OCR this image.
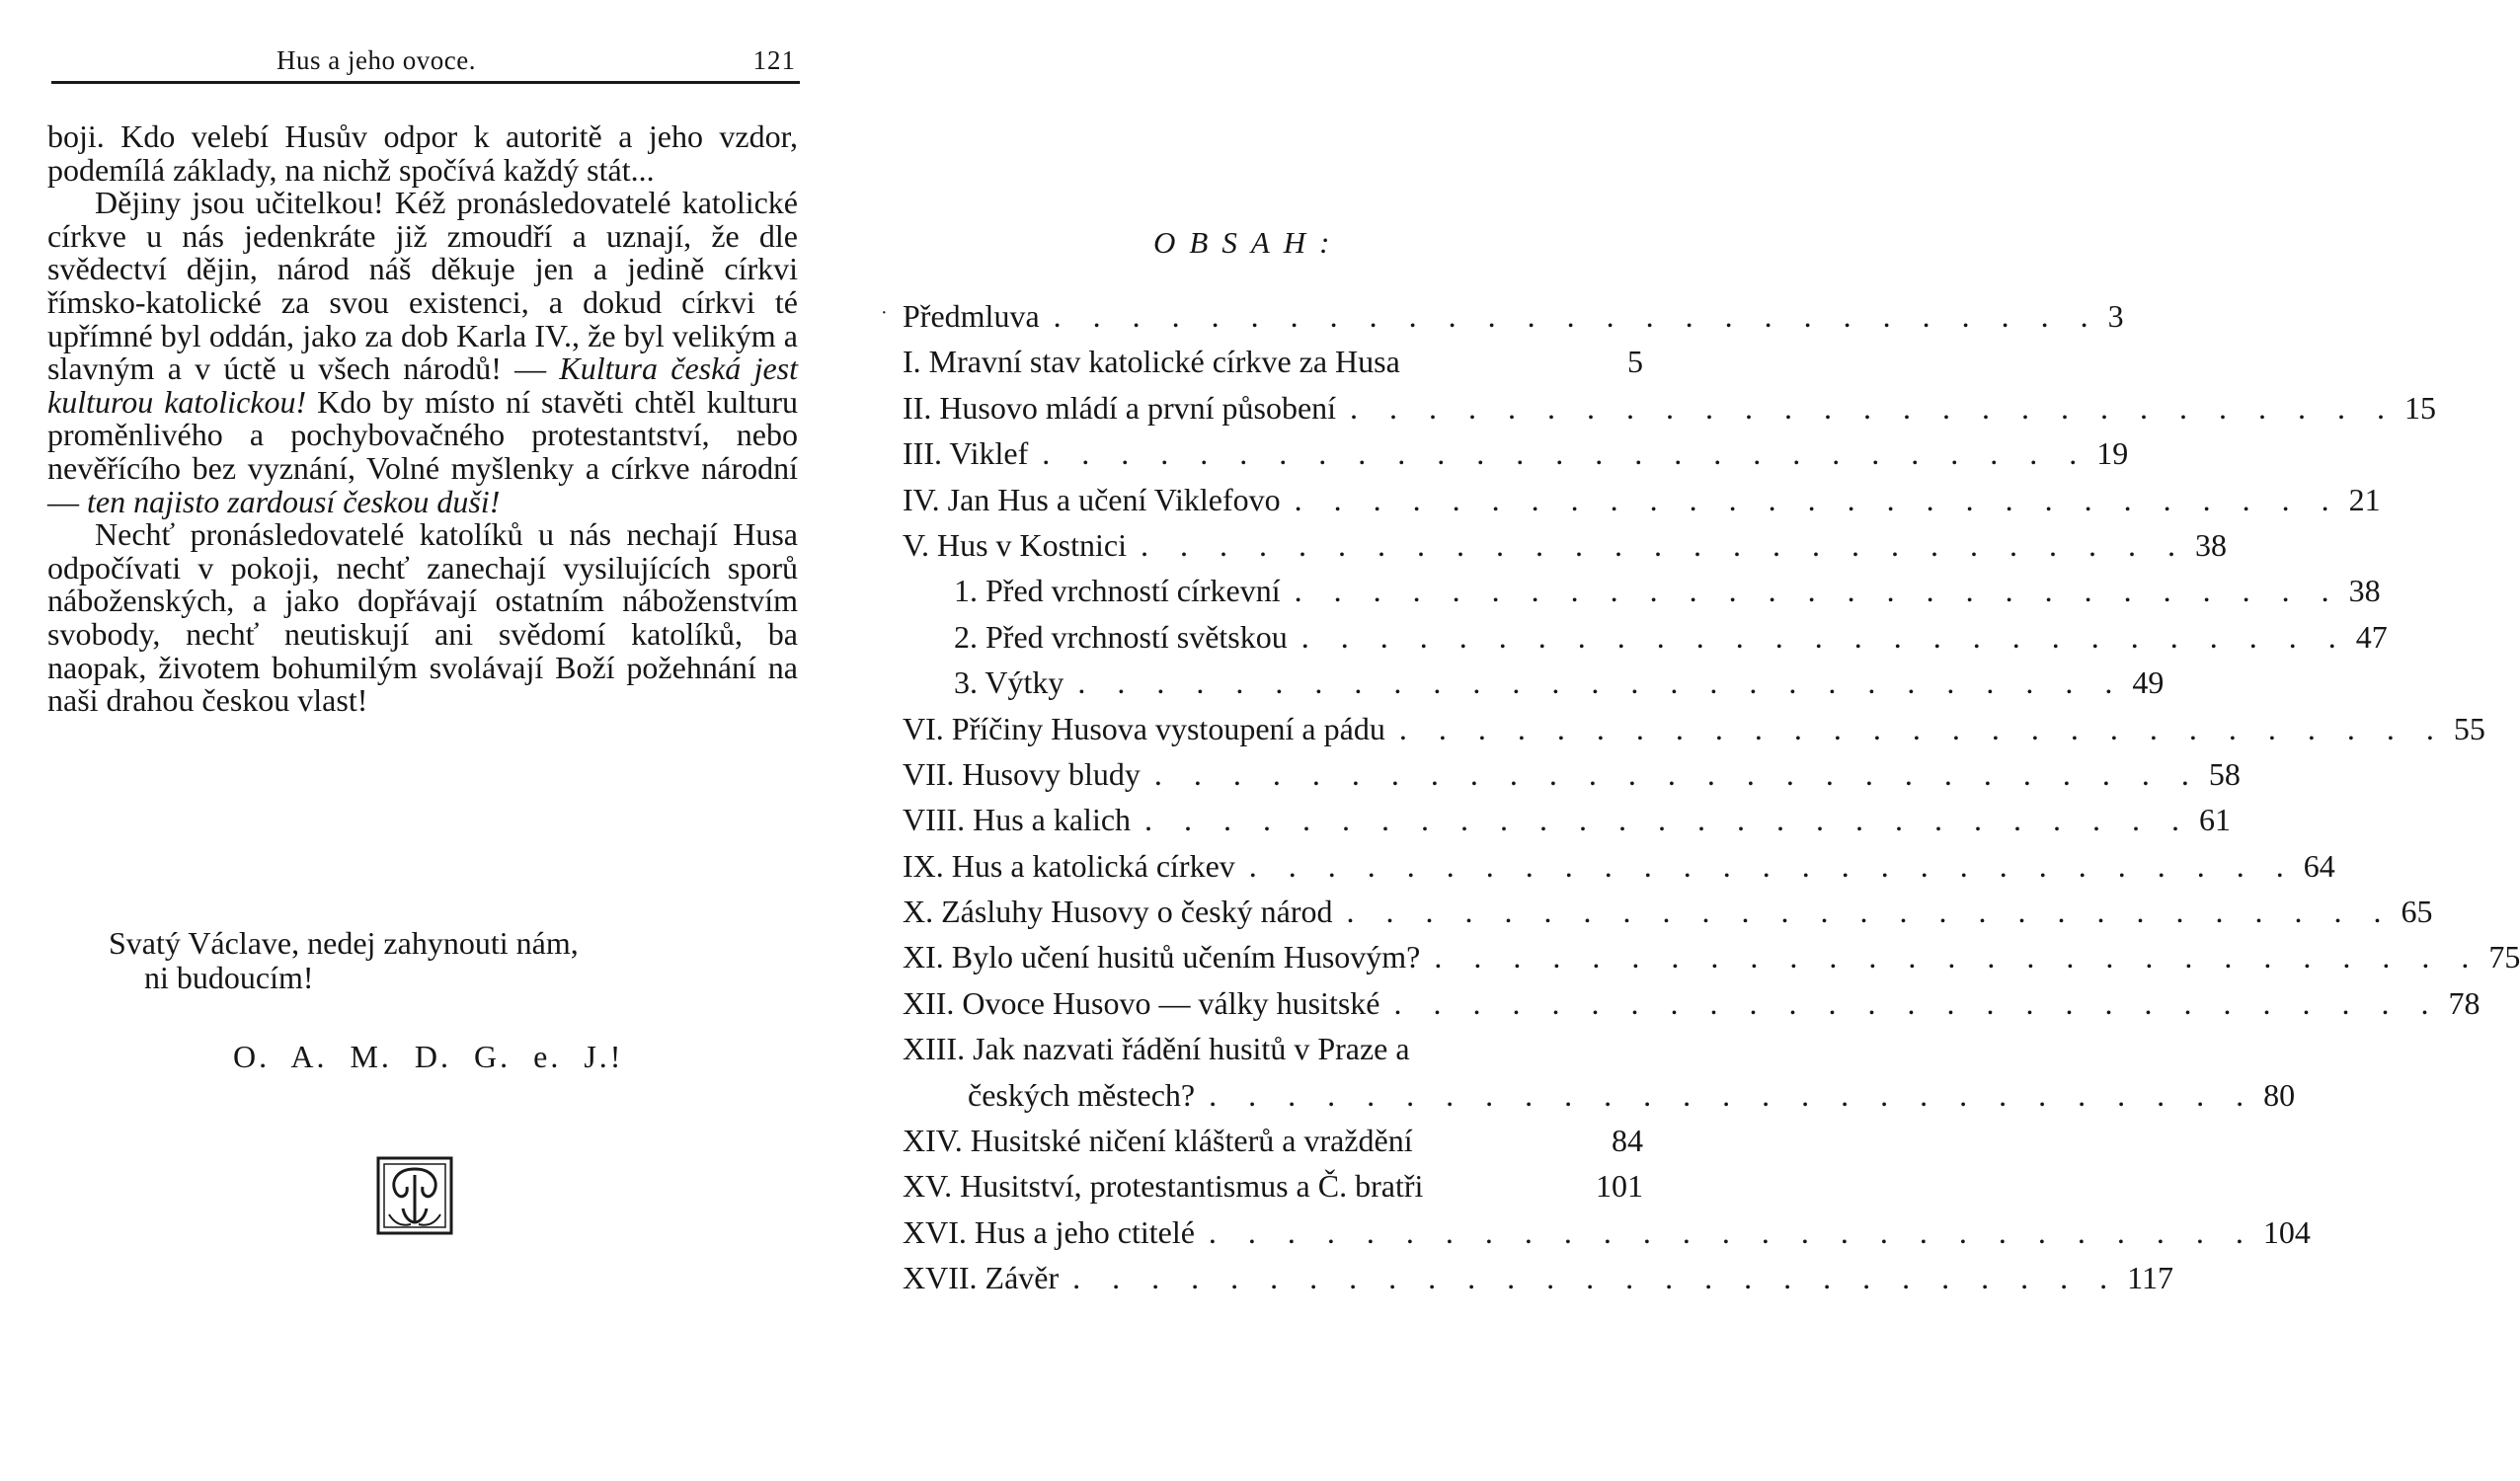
Hus a jeho ovoce.	121

boji. Kdo velebí Husův odpor k autoritě a jeho vzdor, podemílá základy, na nichž spočívá každý stát...

Dějiny jsou učitelkou! Kéž pronásledovatelé katolické církve u nás jedenkráte již zmoudří a uznají, že dle svědectví dějin, národ náš děkuje jen a jedině církvi římsko-katolické za svou existenci, a dokud církvi té upřímné byl oddán, jako za dob Karla IV., že byl velikým a slavným a v úctě u všech národů! — Kultura česká jest kulturou katolickou! Kdo by místo ní stavěti chtěl kulturu proměnlivého a pochybovačného protestantství, nebo nevěřícího bez vyznání, Volné myšlenky a církve národní — ten najisto zardousí českou duši!

Nechť pronásledovatelé katolíků u nás nechají Husa odpočívati v pokoji, nechť zanechají vysilujících sporů náboženských, a jako dopřávají ostatním náboženstvím svobody, nechť neutiskují ani svědomí katolíků, ba naopak, životem bohumilým svolávají Boží požehnání na naši drahou českou vlast!

Svatý Václave, nedej zahynouti nám,
ni budoucím!
O. A. M. D. G. e. J.!
OBSAH:
· Předmluva . . . . . . . . . . . . . . . . . . . . . . . . . . . 3
I. Mravní stav katolické církve za Husa	5
II. Husovo mládí a první působení . . . . . . . . . . . . . . . . . . . . . . . . . . . 15
III. Viklef . . . . . . . . . . . . . . . . . . . . . . . . . . . 19
IV. Jan Hus a učení Viklefovo . . . . . . . . . . . . . . . . . . . . . . . . . . . 21
V. Hus v Kostnici . . . . . . . . . . . . . . . . . . . . . . . . . . . 38
1. Před vrchností církevní . . . . . . . . . . . . . . . . . . . . . . . . . . . 38
2. Před vrchností světskou . . . . . . . . . . . . . . . . . . . . . . . . . . . 47
3. Výtky . . . . . . . . . . . . . . . . . . . . . . . . . . . 49
VI. Příčiny Husova vystoupení a pádu . . . . . . . . . . . . . . . . . . . . . . . . . . . 55
VII. Husovy bludy . . . . . . . . . . . . . . . . . . . . . . . . . . . 58
VIII. Hus a kalich . . . . . . . . . . . . . . . . . . . . . . . . . . . 61
IX. Hus a katolická církev . . . . . . . . . . . . . . . . . . . . . . . . . . . 64
X. Zásluhy Husovy o český národ . . . . . . . . . . . . . . . . . . . . . . . . . . . 65
XI. Bylo učení husitů učením Husovým? . . . . . . . . . . . . . . . . . . . . . . . . . . . 75
XII. Ovoce Husovo — války husitské . . . . . . . . . . . . . . . . . . . . . . . . . . . 78
XIII. Jak nazvati řádění husitů v Praze a
českých městech? . . . . . . . . . . . . . . . . . . . . . . . . . . . 80
XIV. Husitské ničení klášterů a vraždění	84
XV. Husitství, protestantismus a Č. bratři	101
XVI. Hus a jeho ctitelé . . . . . . . . . . . . . . . . . . . . . . . . . . . 104
XVII. Závěr . . . . . . . . . . . . . . . . . . . . . . . . . . . 117
